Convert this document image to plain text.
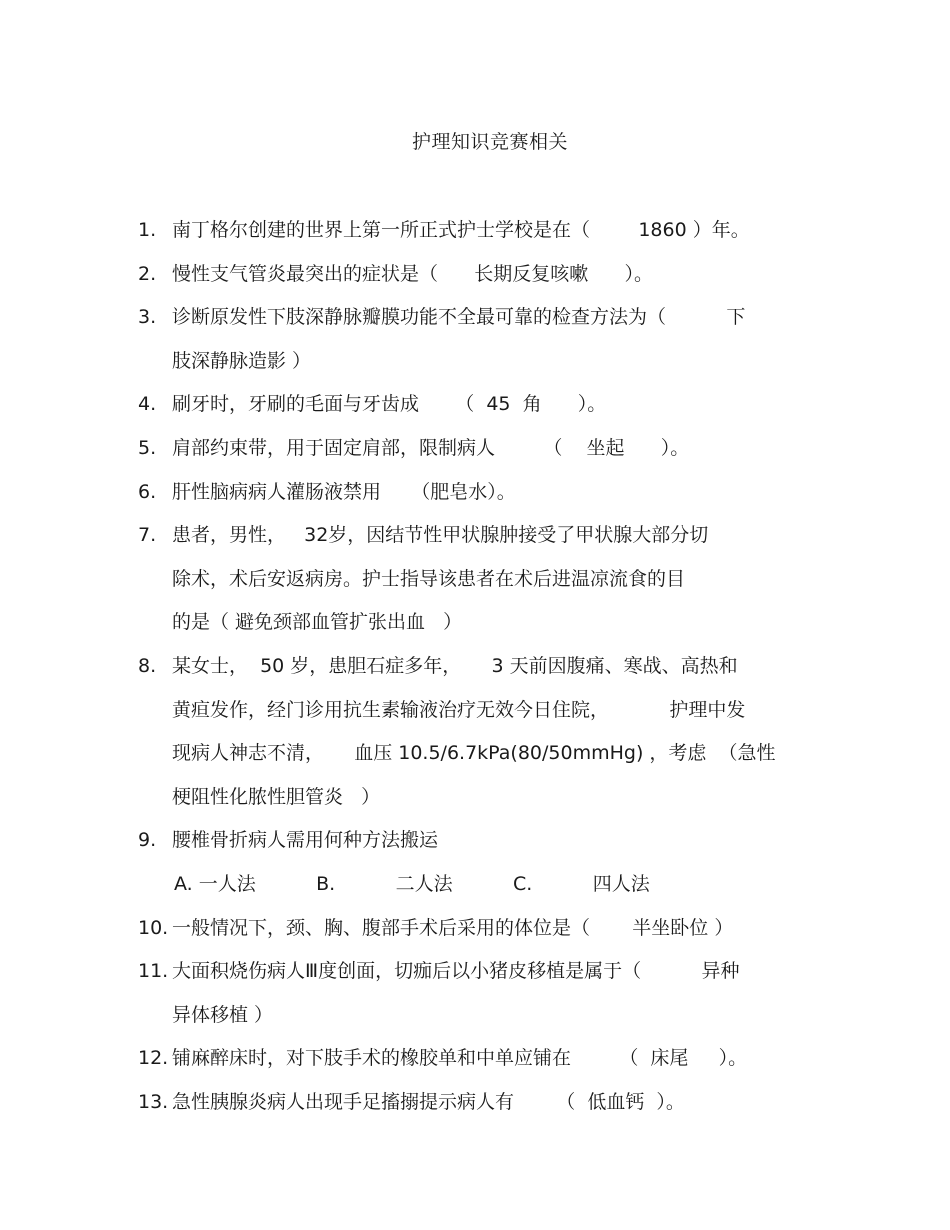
护理知识竞赛相关
1. 南丁格尔创建的世界上第一所正式护士学校是在（        1860 ）年。
2. 慢性支气管炎最突出的症状是（      长期反复咳嗽      ）。
3. 诊断原发性下肢深静脉瓣膜功能不全最可靠的检查方法为（          下
肢深静脉造影 ）
4. 刷牙时，牙刷的毛面与牙齿成      （  45  角      ）。
5. 肩部约束带，用于固定肩部，限制病人        （    坐起      ）。
6. 肝性脑病病人灌肠液禁用     （肥皂水）。
7. 患者，男性，   32岁，因结节性甲状腺肿接受了甲状腺大部分切
除术，术后安返病房。护士指导该患者在术后进温凉流食的目
的是（ 避免颈部血管扩张出血   ）
8. 某女士，  50 岁，患胆石症多年，     3 天前因腹痛、寒战、高热和
黄疸发作，经门诊用抗生素输液治疗无效今日住院，          护理中发
现病人神志不清，     血压 10.5/6.7kPa(80/50mmHg) ，考虑  （急性
梗阻性化脓性胆管炎   ）
9. 腰椎骨折病人需用何种方法搬运
A. 一人法          B.          二人法          C.          四人法
10. 一般情况下，颈、胸、腹部手术后采用的体位是（       半坐卧位 ）
11. 大面积烧伤病人Ⅲ度创面，切痂后以小猪皮移植是属于（          异种
异体移植 ）
12. 铺麻醉床时，对下肢手术的橡胶单和中单应铺在        （  床尾     ）。
13. 急性胰腺炎病人出现手足搐搦提示病人有       （  低血钙  ）。
